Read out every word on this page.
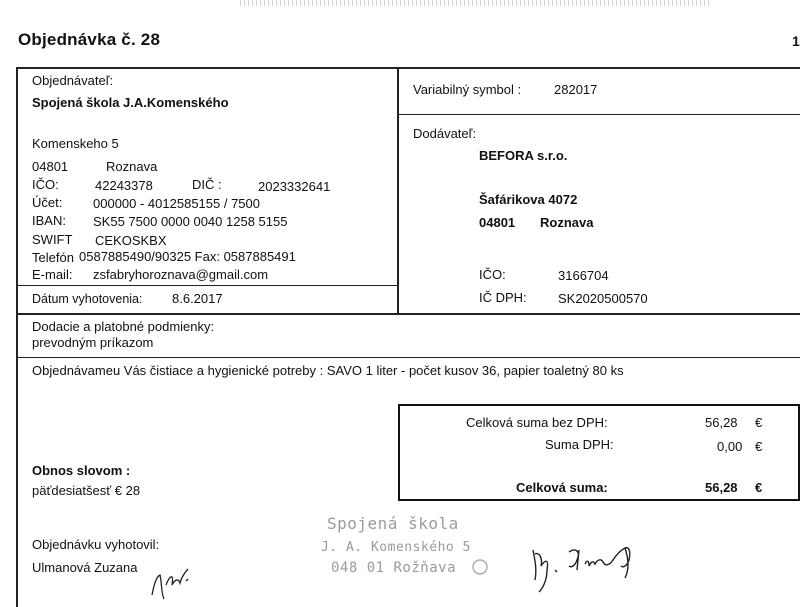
Objednávka č. 28	1
Objednávateľ:
Spojená škola J.A.Komenského
Komenskeho 5
04801	Roznava
IČO:	42243378	DIČ :	2023332641
Účet: 000000 - 4012585155 / 7500
IBAN: SK55 7500 0000 0040 1258 5155
SWIFT CEKOSKBX
Telefón 0587885490/90325 Fax: 0587885491
E-mail: zsfabryhoroznava@gmail.com
Dátum vyhotovenia: 8.6.2017
Variabilný symbol :	282017
Dodávateľ:
BEFORA s.r.o.
Šafárikova 4072
04801 Roznava
IČO:	3166704
IČ DPH: SK2020500570
Dodacie a platobné podmienky:
prevodným príkazom
Objednávameu Vás čistiace a hygienické potreby : SAVO 1 liter - počet kusov 36, papier toaletný 80 ks
Celková suma bez DPH:	56,28 €
Suma DPH:	0,00 €
Celková suma:	56,28 €
Obnos slovom :
päťdesiatšesť € 28
Objednávku vyhotovil:
Ulmanová Zuzana
Spojená škola
J. A. Komenského 5
048 01 Rožňava
